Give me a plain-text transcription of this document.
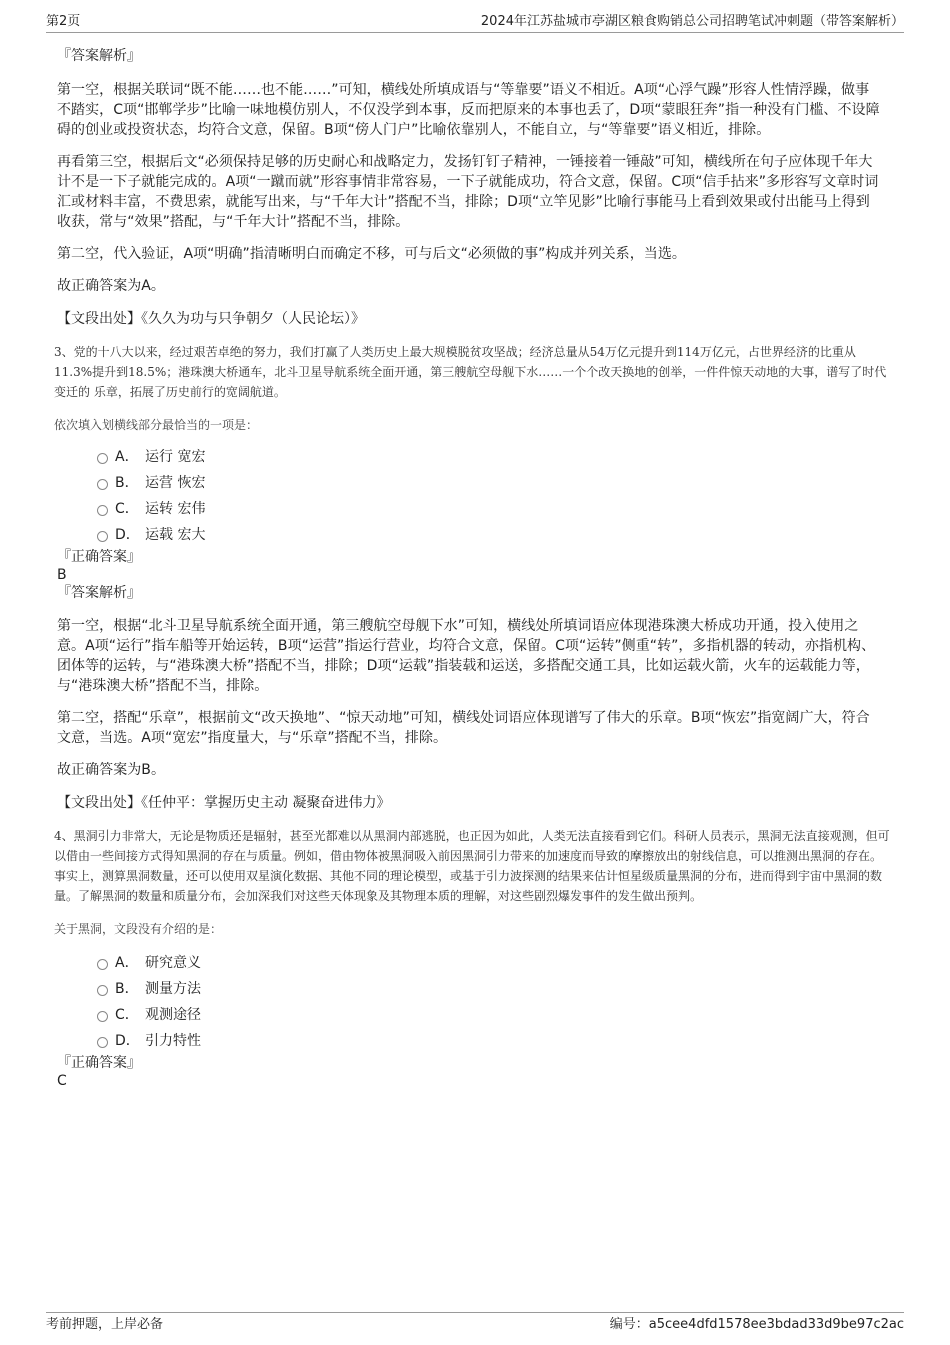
第2页	2024年江苏盐城市亭湖区粮食购销总公司招聘笔试冲刺题（带答案解析）

『答案解析』

第一空，根据关联词“既不能……也不能……”可知，横线处所填成语与“等靠要”语义不相近。A项“心浮气躁”形容人性情浮躁，做事不踏实，C项“邯郸学步”比喻一味地模仿别人，不仅没学到本事，反而把原来的本事也丢了，D项“蒙眼狂奔”指一种没有门槛、不设障碍的创业或投资状态，均符合文意，保留。B项“傍人门户”比喻依靠别人，不能自立，与“等靠要”语义相近，排除。

再看第三空，根据后文“必须保持足够的历史耐心和战略定力，发扬钉钉子精神，一锤接着一锤敲”可知，横线所在句子应体现千年大计不是一下子就能完成的。A项“一蹴而就”形容事情非常容易，一下子就能成功，符合文意，保留。C项“信手拈来”多形容写文章时词汇或材料丰富，不费思索，就能写出来，与“千年大计”搭配不当，排除；D项“立竿见影”比喻行事能马上看到效果或付出能马上得到收获，常与“效果”搭配，与“千年大计”搭配不当，排除。

第二空，代入验证，A项“明确”指清晰明白而确定不移，可与后文“必须做的事”构成并列关系，当选。

故正确答案为A。

【文段出处】《久久为功与只争朝夕（人民论坛）》

3、党的十八大以来，经过艰苦卓绝的努力，我们打赢了人类历史上最大规模脱贫攻坚战；经济总量从54万亿元提升到114万亿元，占世界经济的比重从11.3%提升到18.5%；港珠澳大桥通车，北斗卫星导航系统全面开通，第三艘航空母舰下水……一个个改天换地的创举，一件件惊天动地的大事，谱写了时代变迁的 乐章，拓展了历史前行的宽阔航道。

依次填入划横线部分最恰当的一项是：

A． 运行 宽宏
B． 运营 恢宏
C． 运转 宏伟
D． 运载 宏大

『正确答案』

B

『答案解析』

第一空，根据“北斗卫星导航系统全面开通，第三艘航空母舰下水”可知，横线处所填词语应体现港珠澳大桥成功开通，投入使用之意。A项“运行”指车船等开始运转，B项“运营”指运行营业，均符合文意，保留。C项“运转”侧重“转”，多指机器的转动，亦指机构、团体等的运转，与“港珠澳大桥”搭配不当，排除；D项“运载”指装载和运送，多搭配交通工具，比如运载火箭，火车的运载能力等，与“港珠澳大桥”搭配不当，排除。

第二空，搭配“乐章”，根据前文“改天换地”、“惊天动地”可知，横线处词语应体现谱写了伟大的乐章。B项“恢宏”指宽阔广大，符合文意，当选。A项“宽宏”指度量大，与“乐章”搭配不当，排除。

故正确答案为B。

【文段出处】《任仲平：掌握历史主动 凝聚奋进伟力》

4、黑洞引力非常大，无论是物质还是辐射，甚至光都难以从黑洞内部逃脱，也正因为如此，人类无法直接看到它们。科研人员表示，黑洞无法直接观测，但可以借由一些间接方式得知黑洞的存在与质量。例如，借由物体被黑洞吸入前因黑洞引力带来的加速度而导致的摩擦放出的射线信息，可以推测出黑洞的存在。事实上，测算黑洞数量，还可以使用双星演化数据、其他不同的理论模型，或基于引力波探测的结果来估计恒星级质量黑洞的分布，进而得到宇宙中黑洞的数量。了解黑洞的数量和质量分布，会加深我们对这些天体现象及其物理本质的理解，对这些剧烈爆发事件的发生做出预判。

关于黑洞，文段没有介绍的是：

A． 研究意义
B． 测量方法
C． 观测途径
D． 引力特性

『正确答案』

C

考前押题，上岸必备	编号：a5cee4dfd1578ee3bdad33d9be97c2ac
